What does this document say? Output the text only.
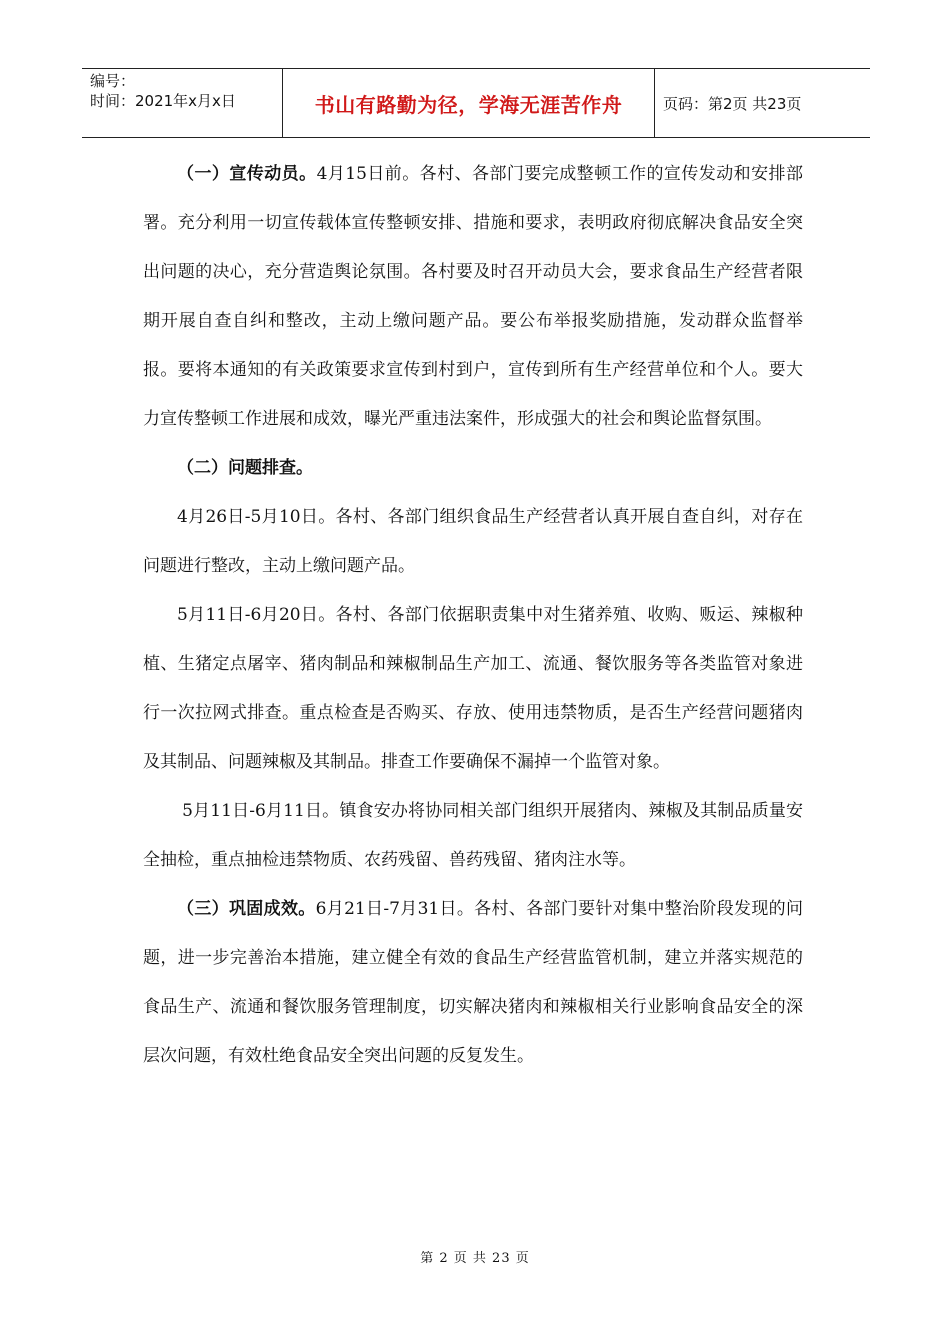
编号：
时间：2021年x月x日	书山有路勤为径，学海无涯苦作舟	页码：第2页 共23页

（一）宣传动员。4月15日前。各村、各部门要完成整顿工作的宣传发动和安排部署。充分利用一切宣传载体宣传整顿安排、措施和要求，表明政府彻底解决食品安全突出问题的决心，充分营造舆论氛围。各村要及时召开动员大会，要求食品生产经营者限期开展自查自纠和整改，主动上缴问题产品。要公布举报奖励措施，发动群众监督举报。要将本通知的有关政策要求宣传到村到户，宣传到所有生产经营单位和个人。要大力宣传整顿工作进展和成效，曝光严重违法案件，形成强大的社会和舆论监督氛围。

（二）问题排查。

4月26日-5月10日。各村、各部门组织食品生产经营者认真开展自查自纠，对存在问题进行整改，主动上缴问题产品。

5月11日-6月20日。各村、各部门依据职责集中对生猪养殖、收购、贩运、辣椒种植、生猪定点屠宰、猪肉制品和辣椒制品生产加工、流通、餐饮服务等各类监管对象进行一次拉网式排查。重点检查是否购买、存放、使用违禁物质，是否生产经营问题猪肉及其制品、问题辣椒及其制品。排查工作要确保不漏掉一个监管对象。

5月11日-6月11日。镇食安办将协同相关部门组织开展猪肉、辣椒及其制品质量安全抽检，重点抽检违禁物质、农药残留、兽药残留、猪肉注水等。

（三）巩固成效。6月21日-7月31日。各村、各部门要针对集中整治阶段发现的问题，进一步完善治本措施，建立健全有效的食品生产经营监管机制，建立并落实规范的食品生产、流通和餐饮服务管理制度，切实解决猪肉和辣椒相关行业影响食品安全的深层次问题，有效杜绝食品安全突出问题的反复发生。

第 2 页 共 23 页
